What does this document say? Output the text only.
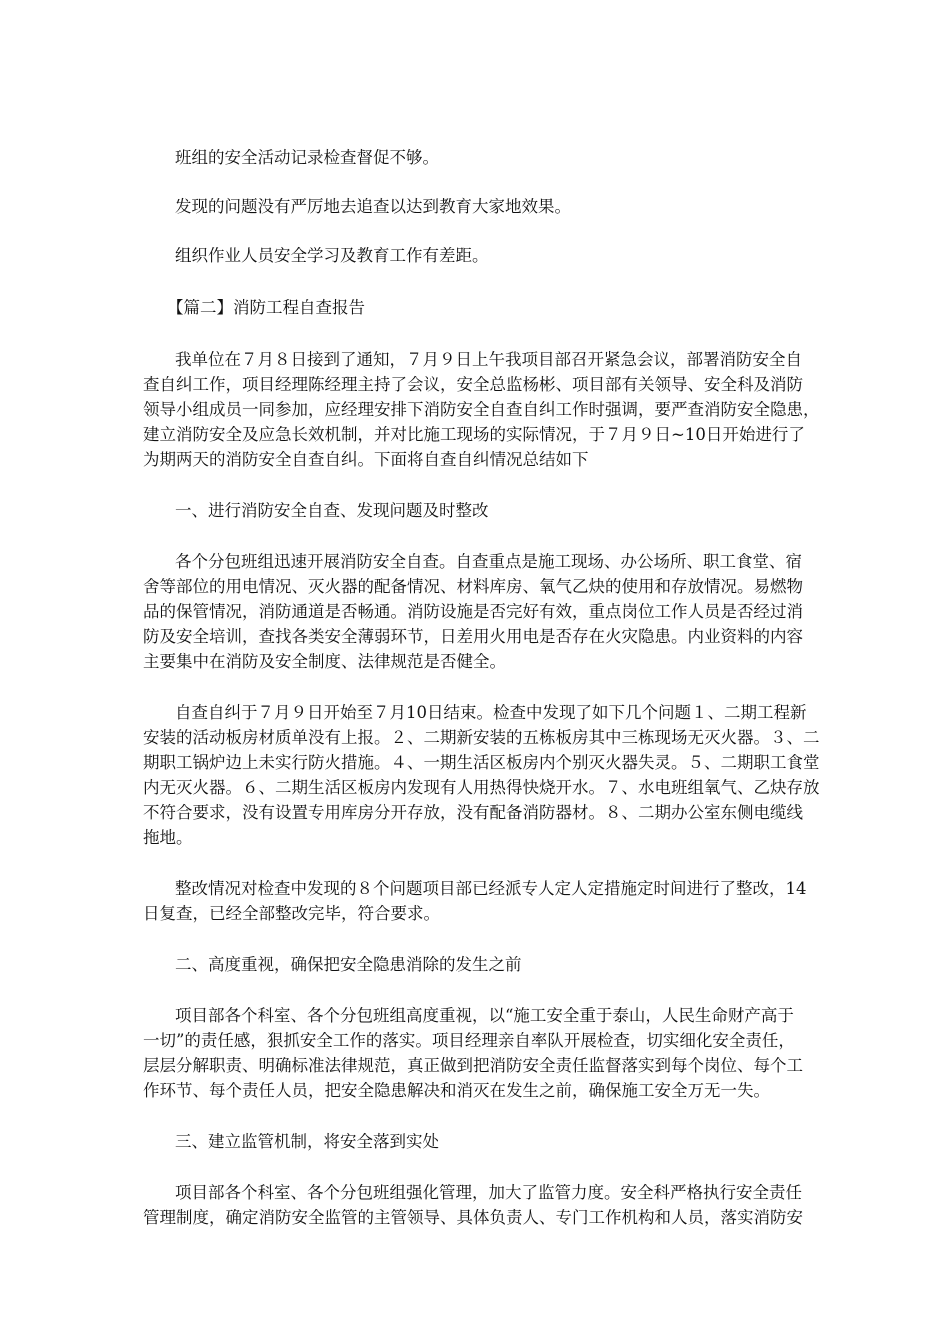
班组的安全活动记录检查督促不够。
发现的问题没有严厉地去追查以达到教育大家地效果。
组织作业人员安全学习及教育工作有差距。
【篇二】消防工程自查报告
我单位在７月８日接到了通知，７月９日上午我项目部召开紧急会议，部署消防安全自
查自纠工作，项目经理陈经理主持了会议，安全总监杨彬、项目部有关领导、安全科及消防
领导小组成员一同参加，应经理安排下消防安全自查自纠工作时强调，要严查消防安全隐患，
建立消防安全及应急长效机制，并对比施工现场的实际情况，于７月９日~10日开始进行了
为期两天的消防安全自查自纠。下面将自查自纠情况总结如下
一、进行消防安全自查、发现问题及时整改
各个分包班组迅速开展消防安全自查。自查重点是施工现场、办公场所、职工食堂、宿
舍等部位的用电情况、灭火器的配备情况、材料库房、氧气乙炔的使用和存放情况。易燃物
品的保管情况，消防通道是否畅通。消防设施是否完好有效，重点岗位工作人员是否经过消
防及安全培训，查找各类安全薄弱环节，日差用火用电是否存在火灾隐患。内业资料的内容
主要集中在消防及安全制度、法律规范是否健全。
自查自纠于７月９日开始至７月10日结束。检查中发现了如下几个问题１、二期工程新
安装的活动板房材质单没有上报。２、二期新安装的五栋板房其中三栋现场无灭火器。３、二
期职工锅炉边上未实行防火措施。４、一期生活区板房内个别灭火器失灵。５、二期职工食堂
内无灭火器。６、二期生活区板房内发现有人用热得快烧开水。７、水电班组氧气、乙炔存放
不符合要求，没有设置专用库房分开存放，没有配备消防器材。８、二期办公室东侧电缆线
拖地。
整改情况对检查中发现的８个问题项目部已经派专人定人定措施定时间进行了整改，14
日复查，已经全部整改完毕，符合要求。
二、高度重视，确保把安全隐患消除的发生之前
项目部各个科室、各个分包班组高度重视，以“施工安全重于泰山，人民生命财产高于
一切”的责任感，狠抓安全工作的落实。项目经理亲自率队开展检查，切实细化安全责任，
层层分解职责、明确标准法律规范，真正做到把消防安全责任监督落实到每个岗位、每个工
作环节、每个责任人员，把安全隐患解决和消灭在发生之前，确保施工安全万无一失。
三、建立监管机制，将安全落到实处
项目部各个科室、各个分包班组强化管理，加大了监管力度。安全科严格执行安全责任
管理制度，确定消防安全监管的主管领导、具体负责人、专门工作机构和人员，落实消防安
